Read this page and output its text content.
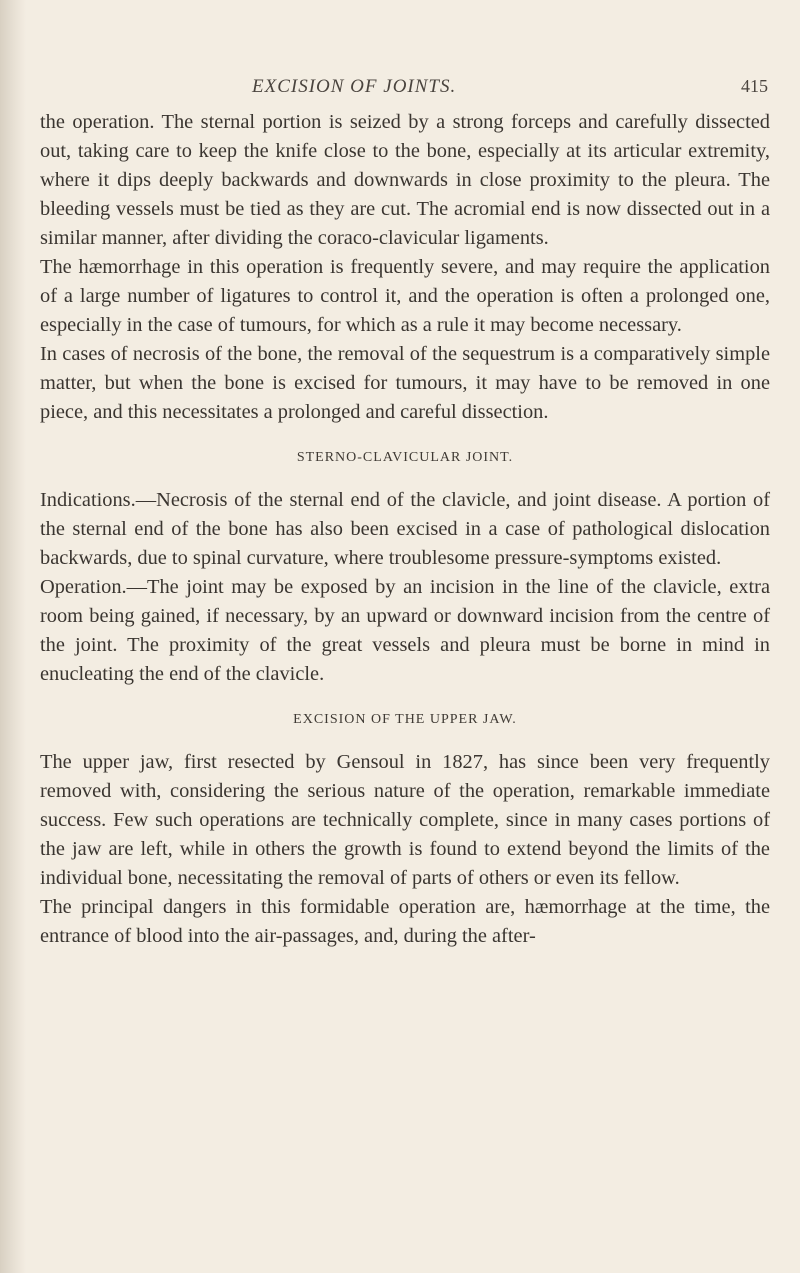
EXCISION OF JOINTS.	415

the operation. The sternal portion is seized by a strong forceps and carefully dissected out, taking care to keep the knife close to the bone, especially at its articular extremity, where it dips deeply backwards and downwards in close proximity to the pleura. The bleeding vessels must be tied as they are cut. The acromial end is now dissected out in a similar manner, after dividing the coraco-clavicular ligaments.

The hæmorrhage in this operation is frequently severe, and may require the application of a large number of ligatures to control it, and the operation is often a prolonged one, especially in the case of tumours, for which as a rule it may become necessary.

In cases of necrosis of the bone, the removal of the sequestrum is a comparatively simple matter, but when the bone is excised for tumours, it may have to be removed in one piece, and this necessitates a prolonged and careful dissection.

STERNO-CLAVICULAR JOINT.

Indications.—Necrosis of the sternal end of the clavicle, and joint disease. A portion of the sternal end of the bone has also been excised in a case of pathological dislocation backwards, due to spinal curvature, where troublesome pressure-symptoms existed.

Operation.—The joint may be exposed by an incision in the line of the clavicle, extra room being gained, if necessary, by an upward or downward incision from the centre of the joint. The proximity of the great vessels and pleura must be borne in mind in enucleating the end of the clavicle.

EXCISION OF THE UPPER JAW.

The upper jaw, first resected by Gensoul in 1827, has since been very frequently removed with, considering the serious nature of the operation, remarkable immediate success. Few such operations are technically complete, since in many cases portions of the jaw are left, while in others the growth is found to extend beyond the limits of the individual bone, necessitating the removal of parts of others or even its fellow.

The principal dangers in this formidable operation are, hæmorrhage at the time, the entrance of blood into the air-passages, and, during the after-
